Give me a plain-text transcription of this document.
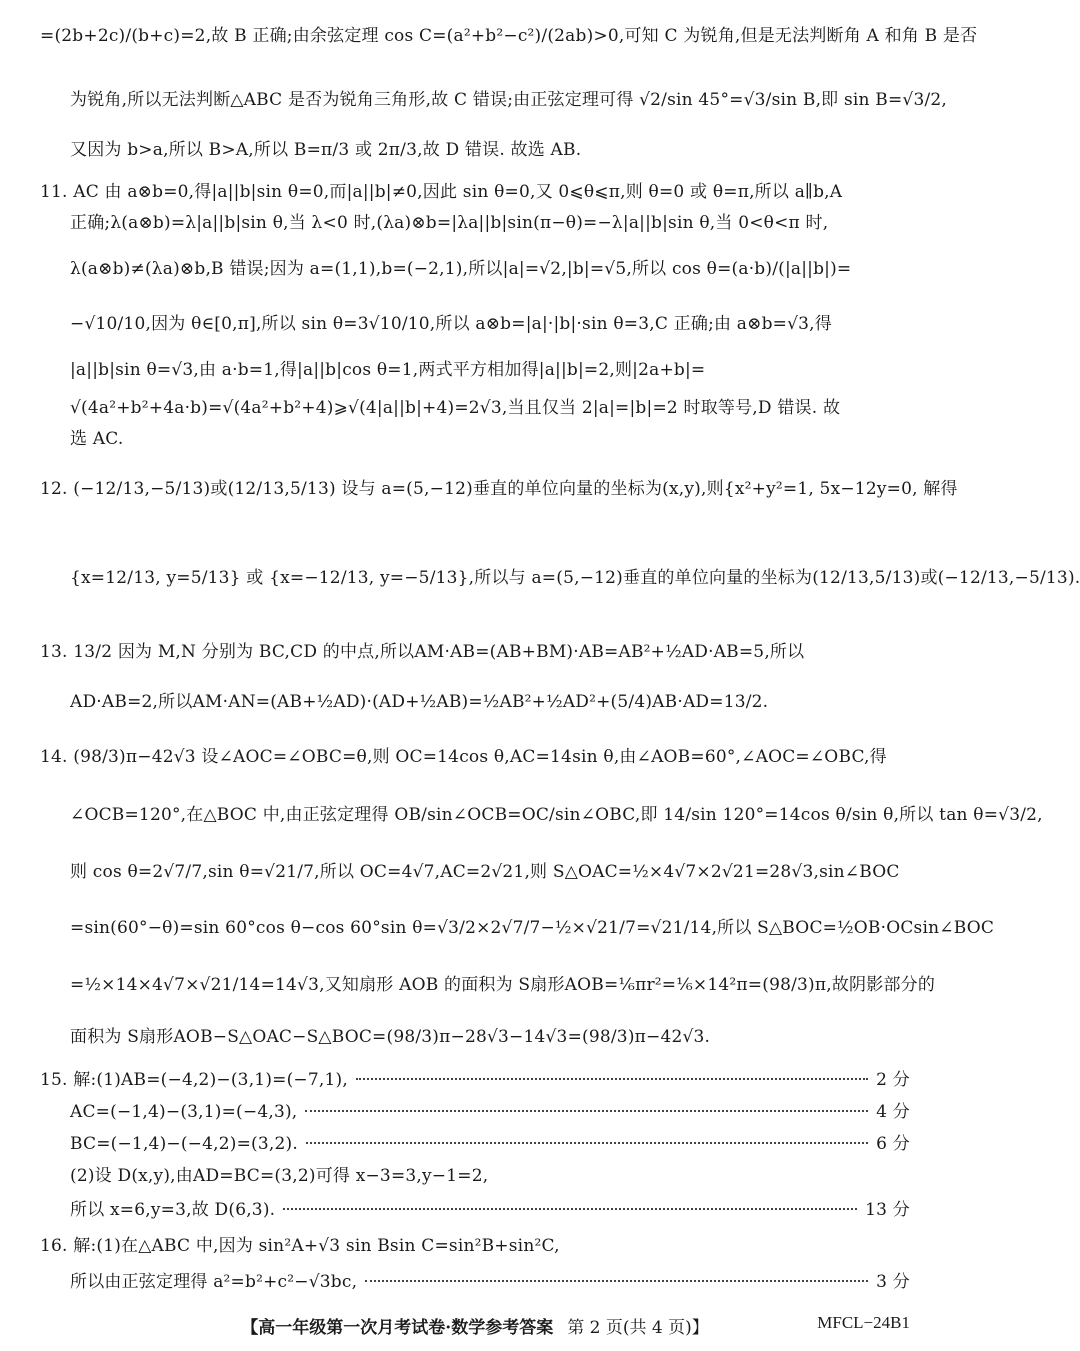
=(2b+2c)/(b+c)=2,故 B 正确;由余弦定理 cos C=(a²+b²−c²)/(2ab)>0,可知 C 为锐角,但是无法判断角 A 和角 B 是否
为锐角,所以无法判断△ABC 是否为锐角三角形,故 C 错误;由正弦定理可得 √2/sin 45°=√3/sin B,即 sin B=√3/2,
又因为 b>a,所以 B>A,所以 B=π/3 或 2π/3,故 D 错误. 故选 AB.
11. AC 由 a⊗b=0,得|a||b|sin θ=0,而|a||b|≠0,因此 sin θ=0,又 0⩽θ⩽π,则 θ=0 或 θ=π,所以 a∥b,A
正确;λ(a⊗b)=λ|a||b|sin θ,当 λ<0 时,(λa)⊗b=|λa||b|sin(π−θ)=−λ|a||b|sin θ,当 0<θ<π 时,
λ(a⊗b)≠(λa)⊗b,B 错误;因为 a=(1,1),b=(−2,1),所以|a|=√2,|b|=√5,所以 cos θ=(a·b)/(|a||b|)=
−√10/10,因为 θ∈[0,π],所以 sin θ=3√10/10,所以 a⊗b=|a|·|b|·sin θ=3,C 正确;由 a⊗b=√3,得
|a||b|sin θ=√3,由 a·b=1,得|a||b|cos θ=1,两式平方相加得|a||b|=2,则|2a+b|=
√(4a²+b²+4a·b)=√(4a²+b²+4)⩾√(4|a||b|+4)=2√3,当且仅当 2|a|=|b|=2 时取等号,D 错误. 故
选 AC.
12. (−12/13,−5/13)或(12/13,5/13) 设与 a=(5,−12)垂直的单位向量的坐标为(x,y),则{x²+y²=1, 5x−12y=0, 解得
{x=12/13, y=5/13} 或 {x=−12/13, y=−5/13},所以与 a=(5,−12)垂直的单位向量的坐标为(12/13,5/13)或(−12/13,−5/13).
13. 13/2 因为 M,N 分别为 BC,CD 的中点,所以AM·AB=(AB+BM)·AB=AB²+½AD·AB=5,所以
AD·AB=2,所以AM·AN=(AB+½AD)·(AD+½AB)=½AB²+½AD²+(5/4)AB·AD=13/2.
14. (98/3)π−42√3 设∠AOC=∠OBC=θ,则 OC=14cos θ,AC=14sin θ,由∠AOB=60°,∠AOC=∠OBC,得
∠OCB=120°,在△BOC 中,由正弦定理得 OB/sin∠OCB=OC/sin∠OBC,即 14/sin 120°=14cos θ/sin θ,所以 tan θ=√3/2,
则 cos θ=2√7/7,sin θ=√21/7,所以 OC=4√7,AC=2√21,则 S△OAC=½×4√7×2√21=28√3,sin∠BOC
=sin(60°−θ)=sin 60°cos θ−cos 60°sin θ=√3/2×2√7/7−½×√21/7=√21/14,所以 S△BOC=½OB·OCsin∠BOC
=½×14×4√7×√21/14=14√3,又知扇形 AOB 的面积为 S扇形AOB=⅙πr²=⅙×14²π=(98/3)π,故阴影部分的
面积为 S扇形AOB−S△OAC−S△BOC=(98/3)π−28√3−14√3=(98/3)π−42√3.
15. 解:(1)AB=(−4,2)−(3,1)=(−7,1),	2 分
AC=(−1,4)−(3,1)=(−4,3),	4 分
BC=(−1,4)−(−4,2)=(3,2).	6 分
(2)设 D(x,y),由AD=BC=(3,2)可得 x−3=3,y−1=2,
所以 x=6,y=3,故 D(6,3).	13 分
16. 解:(1)在△ABC 中,因为 sin²A+√3 sin Bsin C=sin²B+sin²C,
所以由正弦定理得 a²=b²+c²−√3bc,	3 分
【高一年级第一次月考试卷·数学参考答案 第 2 页(共 4 页)】	MFCL−24B1
